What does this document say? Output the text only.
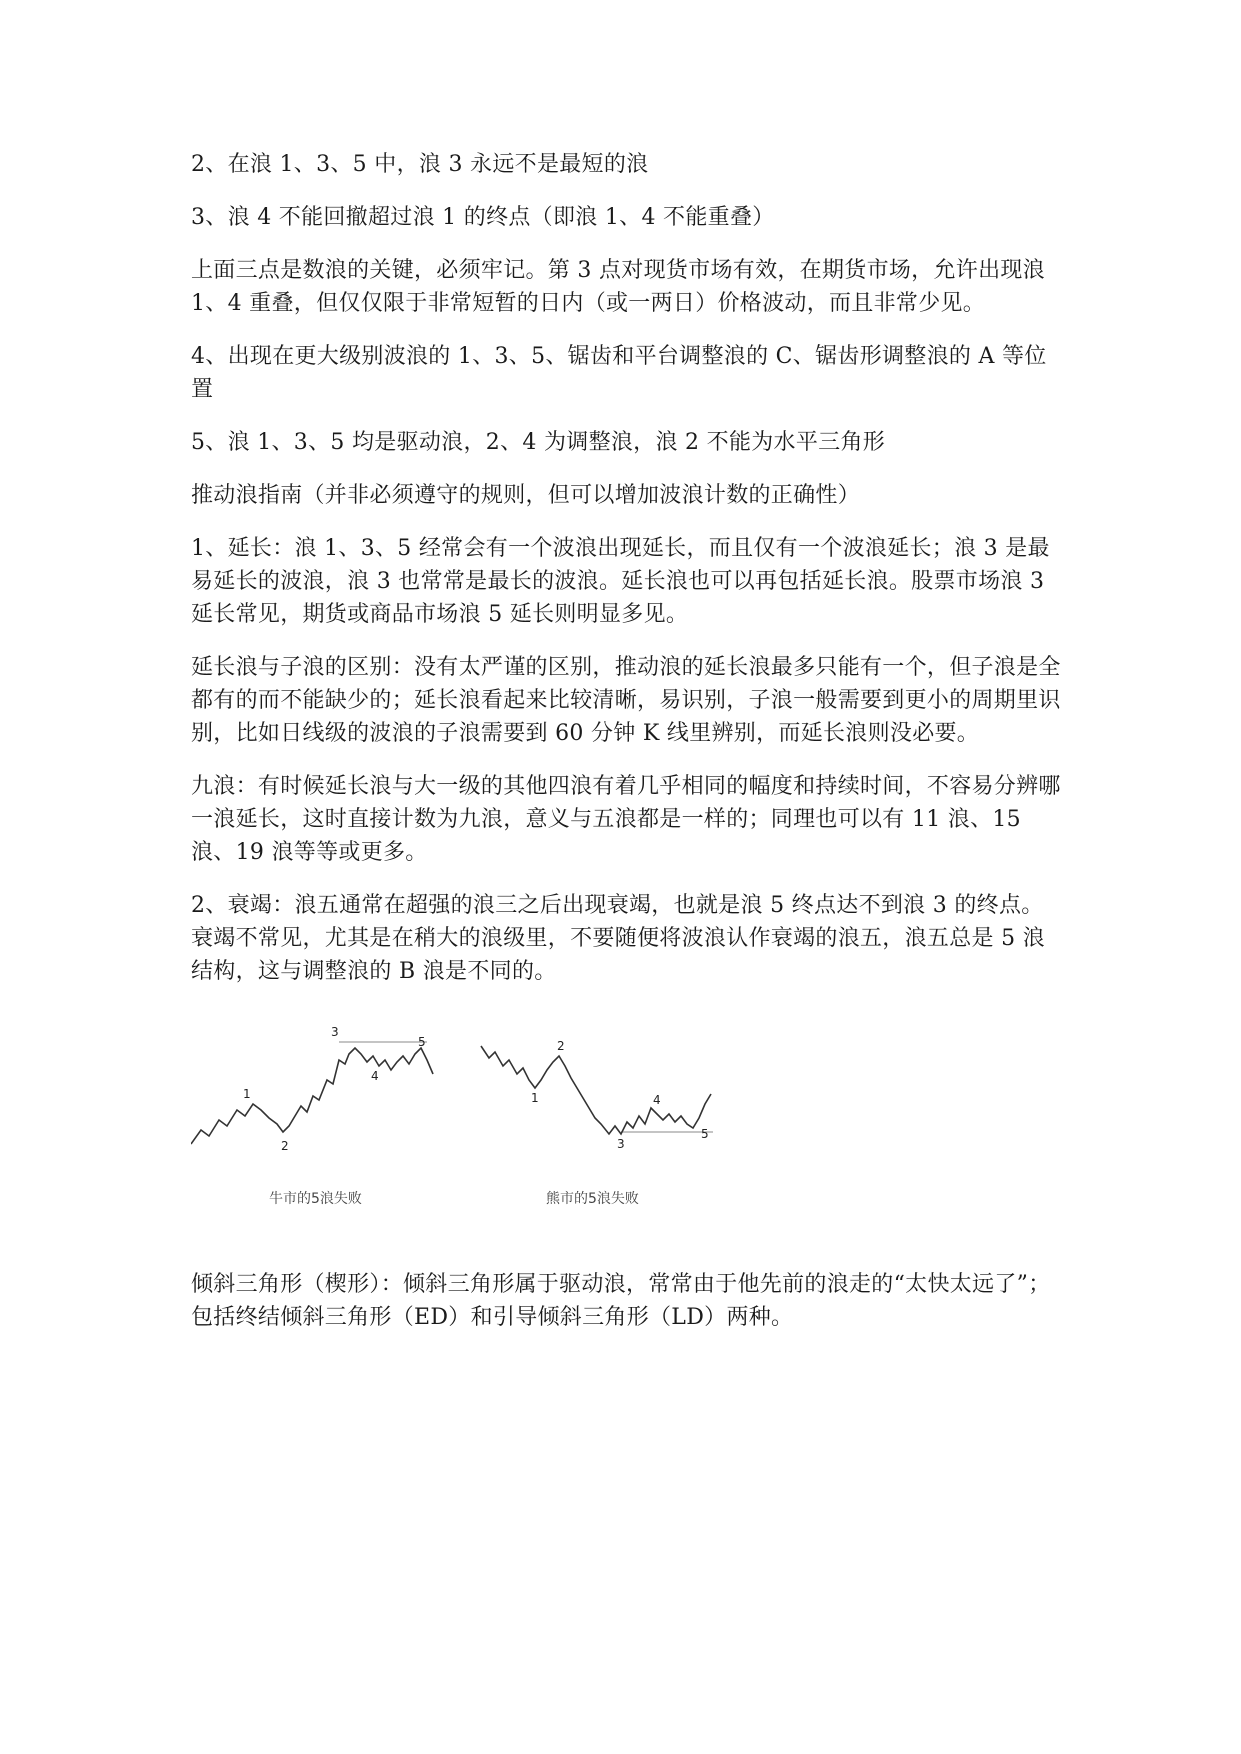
2、在浪 1、3、5 中，浪 3 永远不是最短的浪

3、浪 4 不能回撤超过浪 1 的终点（即浪 1、4 不能重叠）

上面三点是数浪的关键，必须牢记。第 3 点对现货市场有效，在期货市场，允许出现浪 1、4 重叠，但仅仅限于非常短暂的日内（或一两日）价格波动，而且非常少见。

4、出现在更大级别波浪的 1、3、5、锯齿和平台调整浪的 C、锯齿形调整浪的 A 等位置

5、浪 1、3、5 均是驱动浪，2、4 为调整浪，浪 2 不能为水平三角形

推动浪指南（并非必须遵守的规则，但可以增加波浪计数的正确性）

1、延长：浪 1、3、5 经常会有一个波浪出现延长，而且仅有一个波浪延长；浪 3 是最易延长的波浪，浪 3 也常常是最长的波浪。延长浪也可以再包括延长浪。股票市场浪 3 延长常见，期货或商品市场浪 5 延长则明显多见。

延长浪与子浪的区别：没有太严谨的区别，推动浪的延长浪最多只能有一个，但子浪是全都有的而不能缺少的；延长浪看起来比较清晰，易识别，子浪一般需要到更小的周期里识别，比如日线级的波浪的子浪需要到 60 分钟 K 线里辨别，而延长浪则没必要。

九浪：有时候延长浪与大一级的其他四浪有着几乎相同的幅度和持续时间，不容易分辨哪一浪延长，这时直接计数为九浪，意义与五浪都是一样的；同理也可以有 11 浪、15 浪、19 浪等等或更多。

2、衰竭：浪五通常在超强的浪三之后出现衰竭，也就是浪 5 终点达不到浪 3 的终点。衰竭不常见，尤其是在稍大的浪级里，不要随便将波浪认作衰竭的浪五，浪五总是 5 浪结构，这与调整浪的 B 浪是不同的。

1
2
3
4
5
牛市的5浪失败
1
2
3
4
5
熊市的5浪失败

倾斜三角形（楔形）：倾斜三角形属于驱动浪，常常由于他先前的浪走的“太快太远了”；包括终结倾斜三角形（ED）和引导倾斜三角形（LD）两种。
